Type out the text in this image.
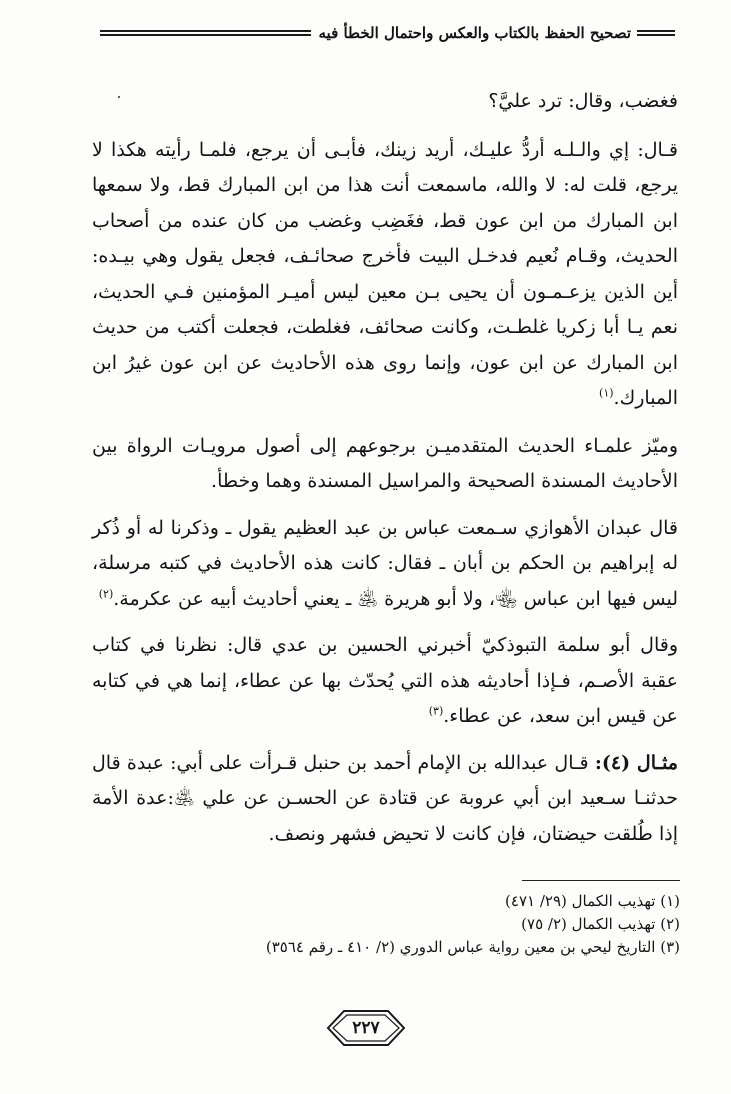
تصحيح الحفظ بالكتاب والعكس واحتمال الخطأ فيه

فغضب، وقال: ترد عليَّ؟

قـال: إي والـلـه أردُّ عليـك، أريد زينك، فأبـى أن يرجع، فلمـا رأيته هكذا لا يرجع، قلت له: لا والله، ماسمعت أنت هذا من ابن المبارك قط، ولا سمعها ابن المبارك من ابن عون قط، فغَضِب وغضب من كان عنده من أصحاب الحديث، وقـام نُعيم فدخـل البيت فأخرج صحائـف، فجعل يقول وهي بيـده: أين الذين يزعـمـون أن يحيى بـن معين ليس أميـر المؤمنين فـي الحديث، نعم يـا أبا زكريا غلطـت، وكانت صحائف، فغلطت، فجعلت أكتب من حديث ابن المبارك عن ابن عون، وإنما روى هذه الأحاديث عن ابن عون غيرُ ابن المبارك.$^{(١)}$

وميّز علمـاء الحديث المتقدميـن برجوعهم إلى أصول مرويـات الرواة بين الأحاديث المسندة الصحيحة والمراسيل المسندة وهما وخطأ.

قال عبدان الأهوازي سـمعت عباس بن عبد العظيم يقول ـ وذكرنا له أو ذُكر له إبراهيم بن الحكم بن أبان ـ فقال: كانت هذه الأحاديث في كتبه مرسلة، ليس فيها ابن عباس ﵄، ولا أبو هريرة ﵁ ـ يعني أحاديث أبيه عن عكرمة.$^{(٢)}$

وقال أبو سلمة التبوذكيّ أخبرني الحسين بن عدي قال: نظرنا في كتاب عقبة الأصـم، فـإذا أحاديثه هذه التي يُحدّث بها عن عطاء، إنما هي في كتابه عن قيس ابن سعد، عن عطاء.$^{(٣)}$

مثـال (٤): قـال عبدالله بن الإمام أحمد بن حنبل قـرأت على أبي: عبدة قال حدثنـا سـعيد ابن أبي عروبة عن قتادة عن الحسـن عن علي ﵁:عدة الأمة إذا طُلقت حيضتان، فإن كانت لا تحيض فشهر ونصف.

(١) تهذيب الكمال (٢٩/ ٤٧١)
(٢) تهذيب الكمال (٢/ ٧٥)
(٣) التاريخ ليحي بن معين رواية عباس الدوري (٢/ ٤١٠ ـ رقم ٣٥٦٤)
٢٢٧
